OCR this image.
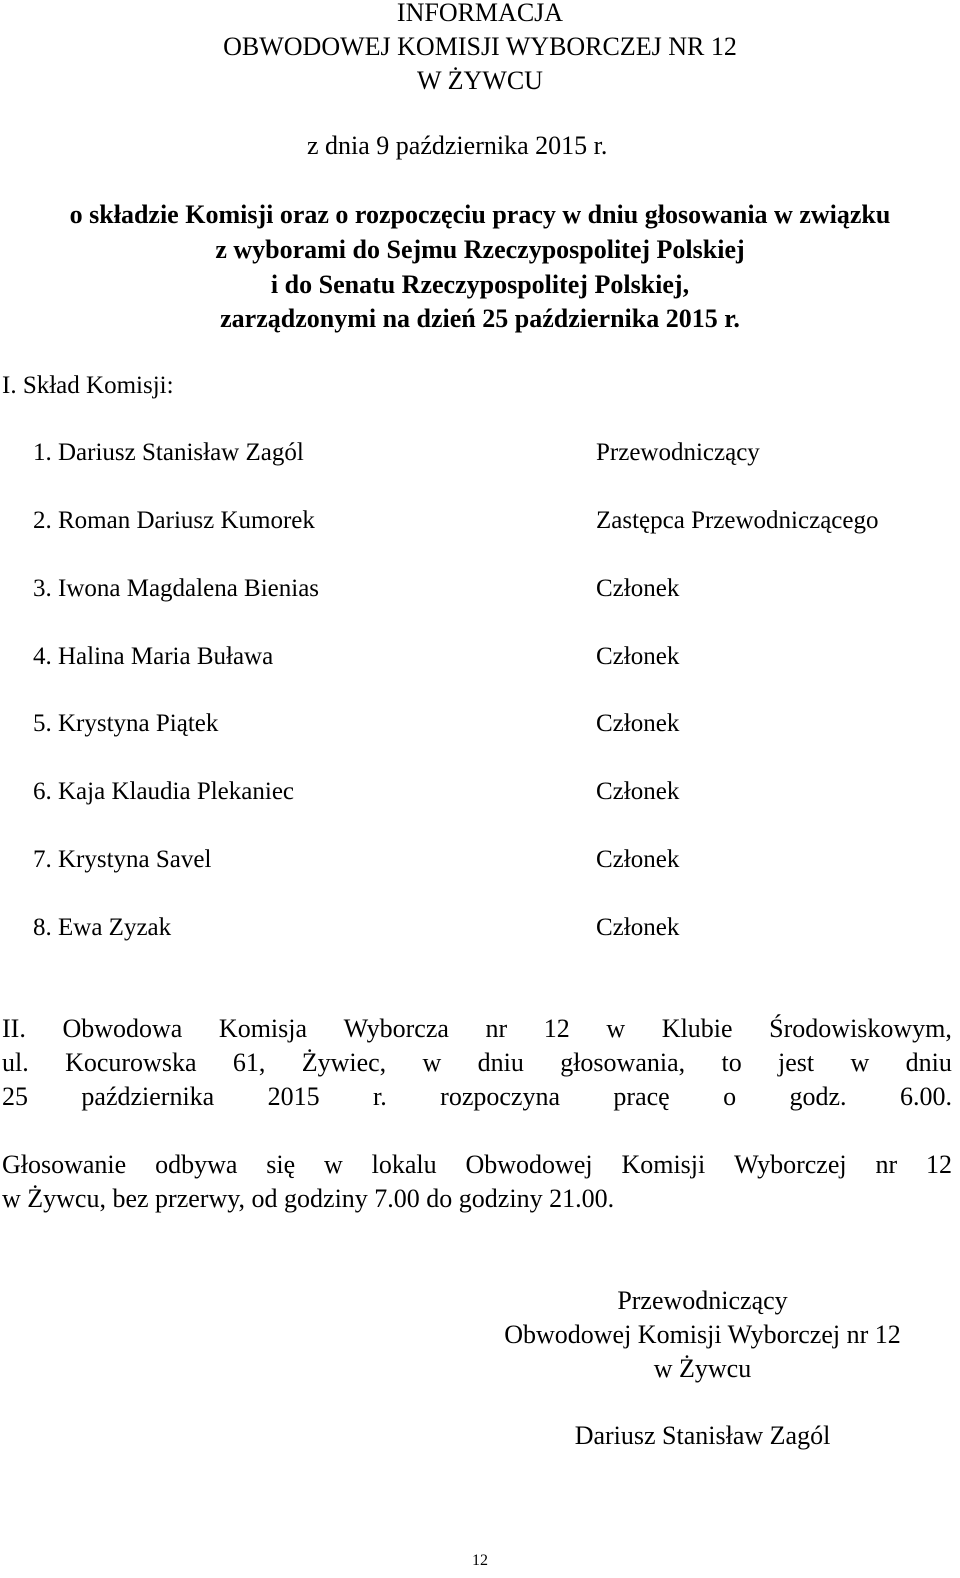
INFORMACJA
OBWODOWEJ KOMISJI WYBORCZEJ NR 12
W ŻYWCU
z dnia 9 października 2015 r.
o składzie Komisji oraz o rozpoczęciu pracy w dniu głosowania w związku
z wyborami do Sejmu Rzeczypospolitej Polskiej
i do Senatu Rzeczypospolitej Polskiej,
zarządzonymi na dzień 25 października 2015 r.
I. Skład Komisji:
1. Dariusz Stanisław Zagól	Przewodniczący
2. Roman Dariusz Kumorek	Zastępca Przewodniczącego
3. Iwona Magdalena Bienias	Członek
4. Halina Maria Buława	Członek
5. Krystyna Piątek	Członek
6. Kaja Klaudia Plekaniec	Członek
7. Krystyna Savel	Członek
8. Ewa Zyzak	Członek
II. Obwodowa Komisja Wyborcza nr 12 w Klubie Środowiskowym,
ul. Kocurowska 61, Żywiec, w dniu głosowania, to jest w dniu
25 października 2015 r. rozpoczyna pracę o godz. 6.00.
Głosowanie odbywa się w lokalu Obwodowej Komisji Wyborczej nr 12
w Żywcu, bez przerwy, od godziny 7.00 do godziny 21.00.
Przewodniczący
Obwodowej Komisji Wyborczej nr 12
w Żywcu
Dariusz Stanisław Zagól
12
